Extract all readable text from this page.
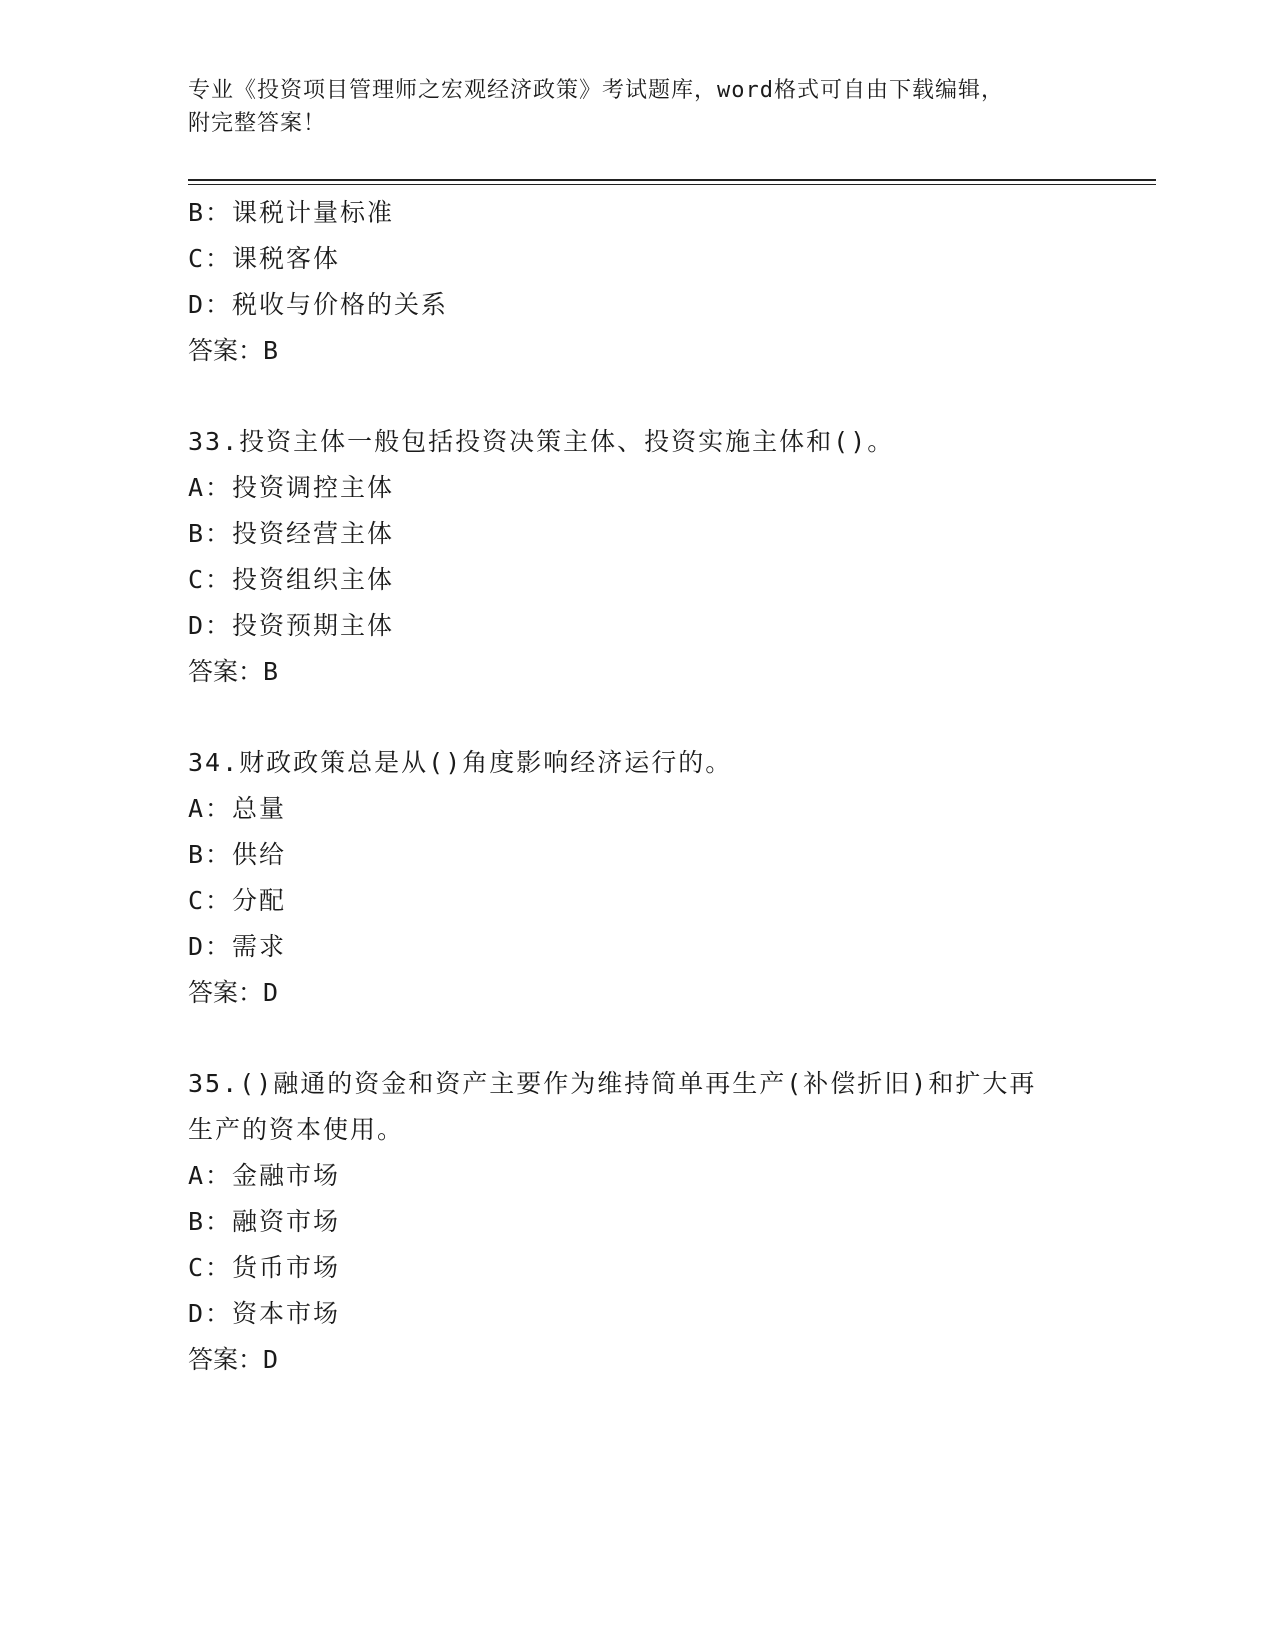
专业《投资项目管理师之宏观经济政策》考试题库，word格式可自由下载编辑，
附完整答案！
B：课税计量标准
C：课税客体
D：税收与价格的关系
答案：B
33.投资主体一般包括投资决策主体、投资实施主体和()。
A：投资调控主体
B：投资经营主体
C：投资组织主体
D：投资预期主体
答案：B
34.财政政策总是从()角度影响经济运行的。
A：总量
B：供给
C：分配
D：需求
答案：D
35.()融通的资金和资产主要作为维持简单再生产(补偿折旧)和扩大再
生产的资本使用。
A：金融市场
B：融资市场
C：货币市场
D：资本市场
答案：D
